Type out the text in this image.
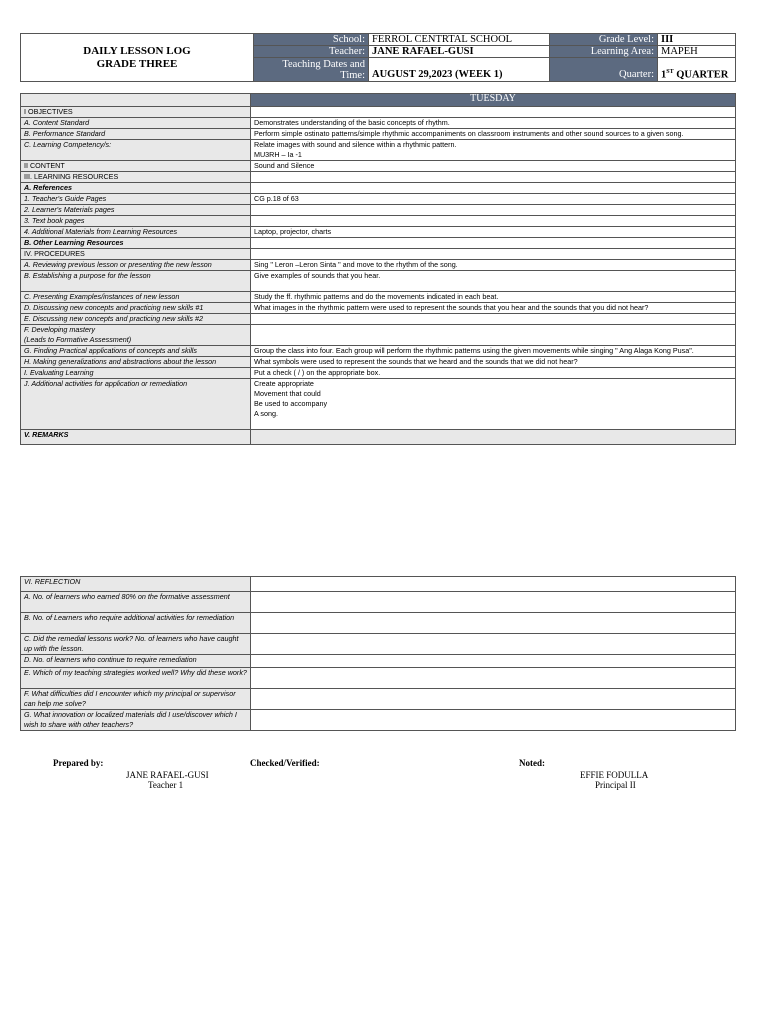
DAILY LESSON LOG
GRADE THREE	School:	FERROL CENTRTAL SCHOOL	Grade Level:	III
	Teacher:	JANE RAFAEL-GUSI	Learning Area:	MAPEH
	Teaching Dates and Time:	AUGUST 29,2023 (WEEK 1)	Quarter:	1ST QUARTER
	TUESDAY
I OBJECTIVES	
A. Content Standard	Demonstrates understanding of the basic concepts of rhythm.
B. Performance Standard	Perform simple ostinato patterns/simple rhythmic accompaniments on classroom instruments and other sound sources to a given song.
C. Learning Competency/s:	Relate images with sound and silence within a rhythmic pattern.
MU3RH – Ia -1
II CONTENT	Sound and Silence
III. LEARNING RESOURCES	
A. References	
1. Teacher's Guide Pages	CG p.18 of 63
2. Learner's Materials pages	
3. Text book pages	
4. Additional Materials from Learning Resources	Laptop, projector, charts
B. Other Learning Resources	
IV. PROCEDURES	
A. Reviewing previous lesson or presenting the new lesson	Sing " Leron –Leron Sinta " and move to the rhythm of the song.
B. Establishing a purpose for the lesson	Give examples of sounds that you hear.
C. Presenting Examples/instances of new lesson	Study the ff. rhythmic patterns and do the movements indicated in each beat.
D. Discussing new concepts and practicing new skills #1	What images in the rhythmic pattern were used to represent the sounds that you hear and the sounds that you did not hear?
E. Discussing new concepts and practicing new skills #2	
F. Developing mastery
(Leads to Formative Assessment)	
G. Finding Practical applications of concepts and skills	Group the class into four. Each group will perform the rhythmic patterns using the given movements while singing " Ang Alaga Kong Pusa".
H. Making generalizations and abstractions about the lesson	What symbols were used to represent the sounds that we heard and the sounds that we did not hear?
I. Evaluating Learning	Put a check ( / ) on the appropriate box.
J. Additional activities for application or remediation	Create appropriate
Movement that could
Be used to accompany
A song.
V. REMARKS	
VI. REFLECTION	
A. No. of learners who earned 80% on the formative assessment	
B. No. of Learners who require additional activities for remediation	
C. Did the remedial lessons work? No. of learners who have caught up with the lesson.	
D. No. of learners who continue to require remediation	
E. Which of my teaching strategies worked well? Why did these work?	
F. What difficulties did I encounter which my principal or supervisor can help me solve?	
G. What innovation or localized materials did I use/discover which I wish to share with other teachers?	
Prepared by:
JANE RAFAEL-GUSI
Teacher 1
Checked/Verified:	Noted:
EFFIE FODULLA
Principal II
